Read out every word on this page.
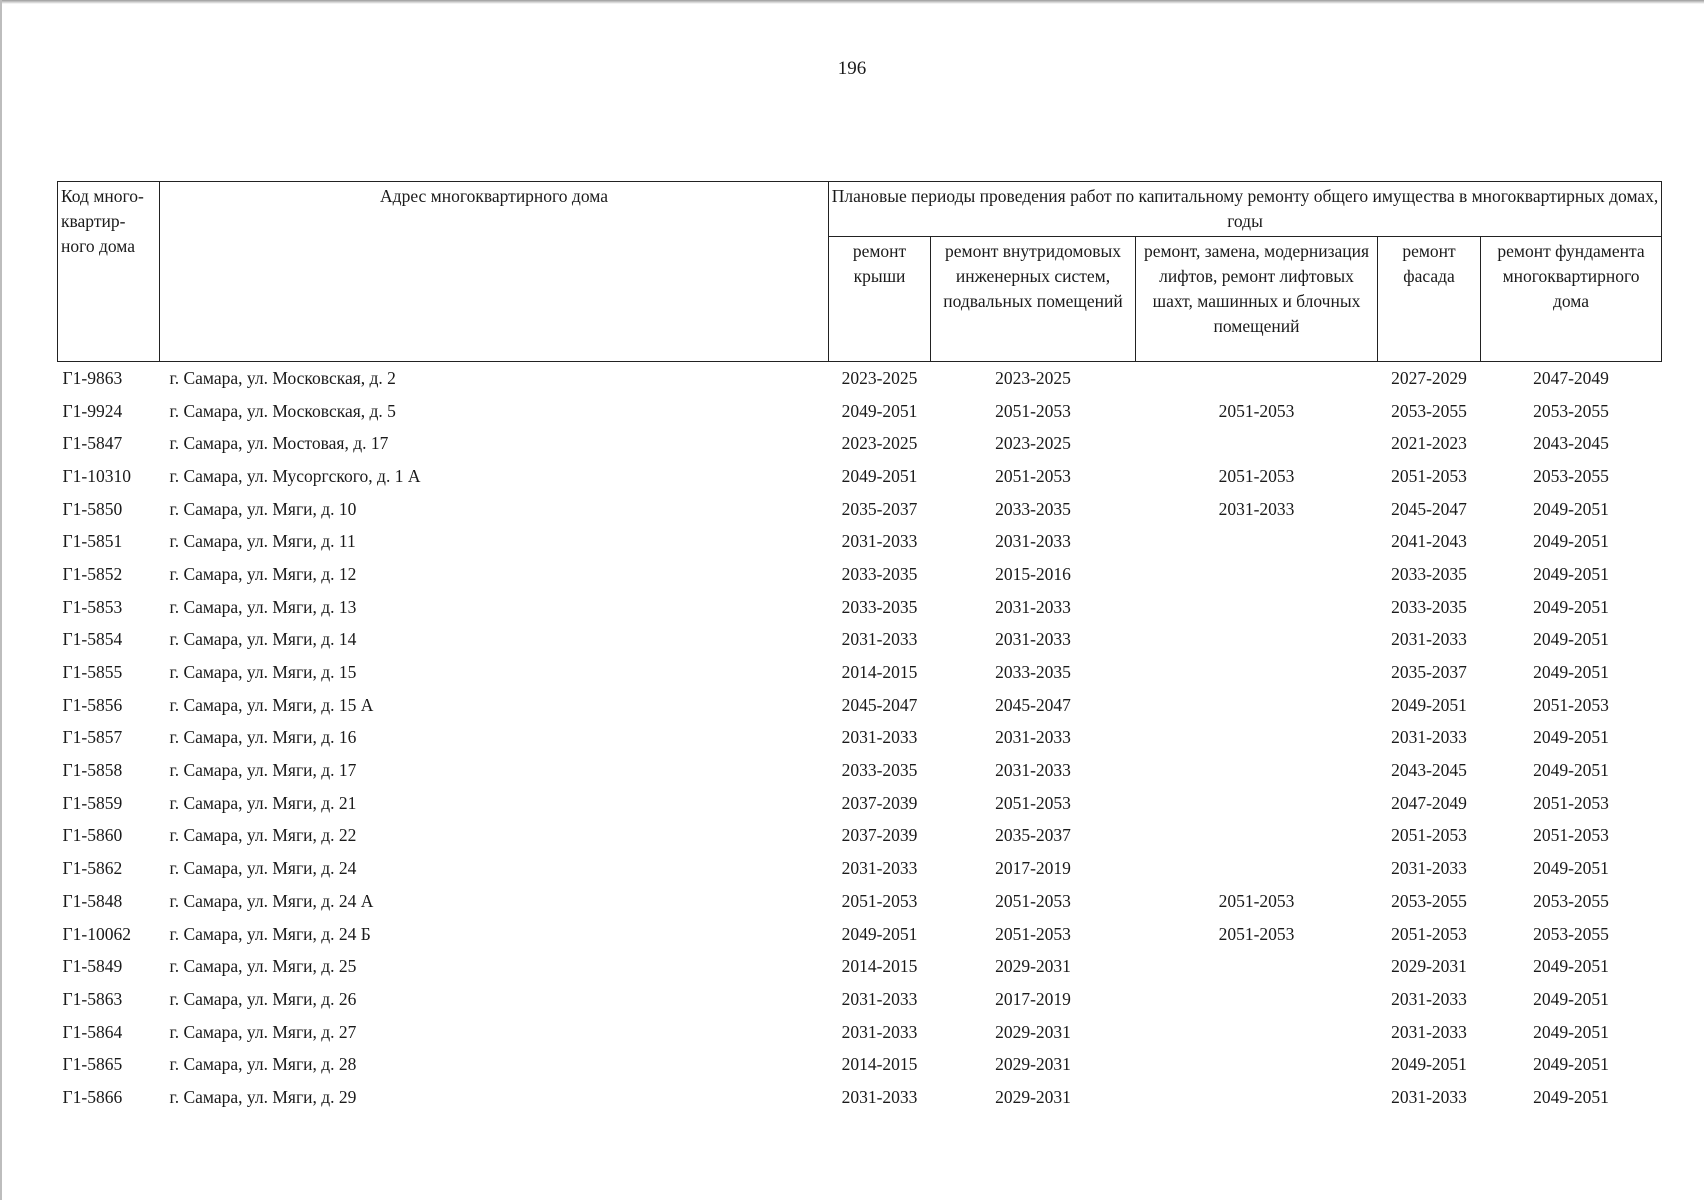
196
Код много-квартир-ного дома	Адрес многоквартирного дома	Плановые периоды проведения работ по капитальному ремонту общего имущества в многоквартирных домах, годы				
		ремонт крыши	ремонт внутридомовых инженерных систем, подвальных помещений	ремонт, замена, модернизация лифтов, ремонт лифтовых шахт, машинных и блочных помещений	ремонт фасада	ремонт фундамента многоквартирного дома
Г1-9863	г. Самара, ул. Московская, д. 2	2023-2025	2023-2025		2027-2029	2047-2049
Г1-9924	г. Самара, ул. Московская, д. 5	2049-2051	2051-2053	2051-2053	2053-2055	2053-2055
Г1-5847	г. Самара, ул. Мостовая, д. 17	2023-2025	2023-2025		2021-2023	2043-2045
Г1-10310	г. Самара, ул. Мусоргского, д. 1 А	2049-2051	2051-2053	2051-2053	2051-2053	2053-2055
Г1-5850	г. Самара, ул. Мяги, д. 10	2035-2037	2033-2035	2031-2033	2045-2047	2049-2051
Г1-5851	г. Самара, ул. Мяги, д. 11	2031-2033	2031-2033		2041-2043	2049-2051
Г1-5852	г. Самара, ул. Мяги, д. 12	2033-2035	2015-2016		2033-2035	2049-2051
Г1-5853	г. Самара, ул. Мяги, д. 13	2033-2035	2031-2033		2033-2035	2049-2051
Г1-5854	г. Самара, ул. Мяги, д. 14	2031-2033	2031-2033		2031-2033	2049-2051
Г1-5855	г. Самара, ул. Мяги, д. 15	2014-2015	2033-2035		2035-2037	2049-2051
Г1-5856	г. Самара, ул. Мяги, д. 15 А	2045-2047	2045-2047		2049-2051	2051-2053
Г1-5857	г. Самара, ул. Мяги, д. 16	2031-2033	2031-2033		2031-2033	2049-2051
Г1-5858	г. Самара, ул. Мяги, д. 17	2033-2035	2031-2033		2043-2045	2049-2051
Г1-5859	г. Самара, ул. Мяги, д. 21	2037-2039	2051-2053		2047-2049	2051-2053
Г1-5860	г. Самара, ул. Мяги, д. 22	2037-2039	2035-2037		2051-2053	2051-2053
Г1-5862	г. Самара, ул. Мяги, д. 24	2031-2033	2017-2019		2031-2033	2049-2051
Г1-5848	г. Самара, ул. Мяги, д. 24 А	2051-2053	2051-2053	2051-2053	2053-2055	2053-2055
Г1-10062	г. Самара, ул. Мяги, д. 24 Б	2049-2051	2051-2053	2051-2053	2051-2053	2053-2055
Г1-5849	г. Самара, ул. Мяги, д. 25	2014-2015	2029-2031		2029-2031	2049-2051
Г1-5863	г. Самара, ул. Мяги, д. 26	2031-2033	2017-2019		2031-2033	2049-2051
Г1-5864	г. Самара, ул. Мяги, д. 27	2031-2033	2029-2031		2031-2033	2049-2051
Г1-5865	г. Самара, ул. Мяги, д. 28	2014-2015	2029-2031		2049-2051	2049-2051
Г1-5866	г. Самара, ул. Мяги, д. 29	2031-2033	2029-2031		2031-2033	2049-2051
